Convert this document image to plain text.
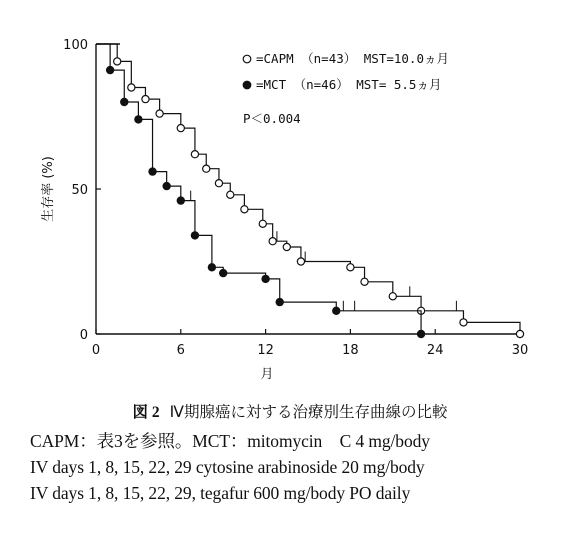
0	6	12	18	24	30
0
50
100
月
生存率 (%)
=CAPM （n=43） MST=10.0ヵ月
=MCT （n=46） MST= 5.5ヵ月
P＜0.004
図 2 Ⅳ期腺癌に対する治療別生存曲線の比較
CAPM：表3を参照。MCT：mitomycin　C 4 mg/body
IV days 1, 8, 15, 22, 29 cytosine arabinoside 20 mg/body
IV days 1, 8, 15, 22, 29, tegafur 600 mg/body PO daily
